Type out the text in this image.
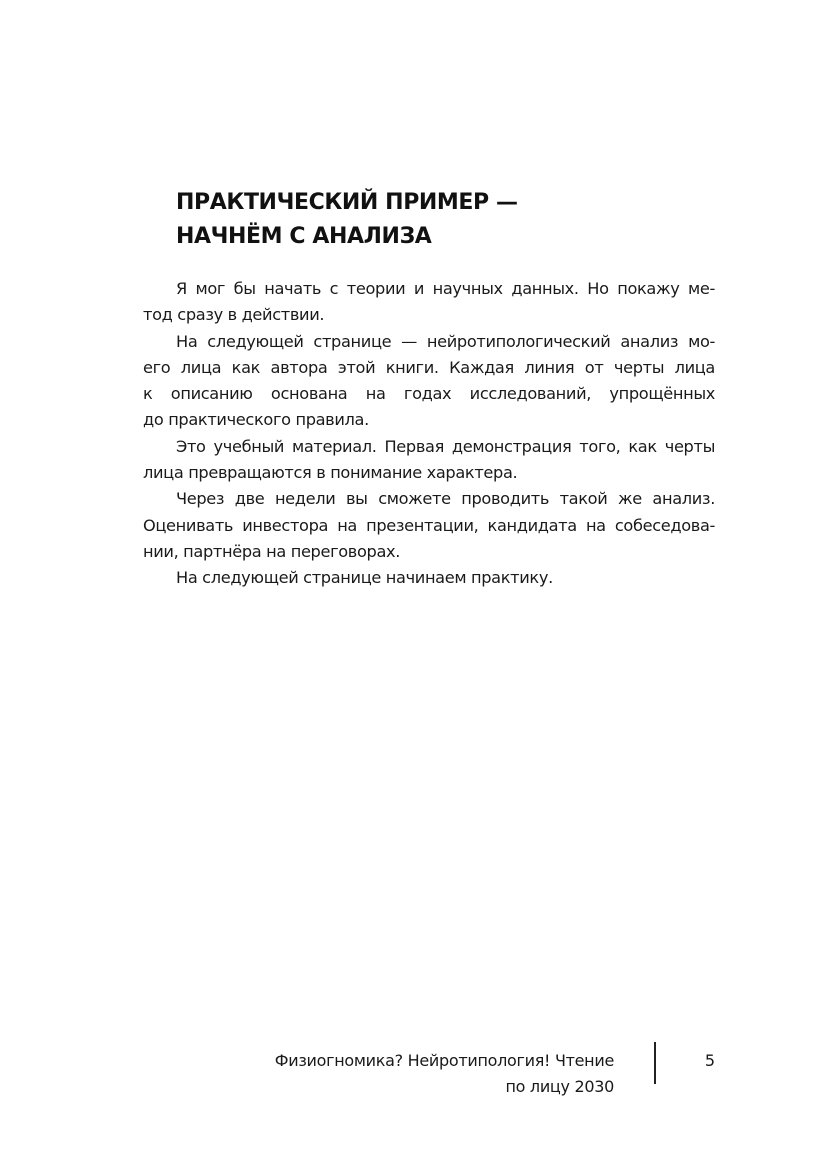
ПРАКТИЧЕСКИЙ ПРИМЕР —
НАЧНЁМ С АНАЛИЗА
Я мог бы начать с теории и научных данных. Но покажу ме-
тод сразу в действии.
На следующей странице — нейротипологический анализ мо-
его лица как автора этой книги. Каждая линия от черты лица
к описанию основана на годах исследований, упрощённых
до практического правила.
Это учебный материал. Первая демонстрация того, как черты
лица превращаются в понимание характера.
Через две недели вы сможете проводить такой же анализ.
Оценивать инвестора на презентации, кандидата на собеседова-
нии, партнёра на переговорах.
На следующей странице начинаем практику.
Физиогномика? Нейротипология! Чтение
по лицу 2030
5
